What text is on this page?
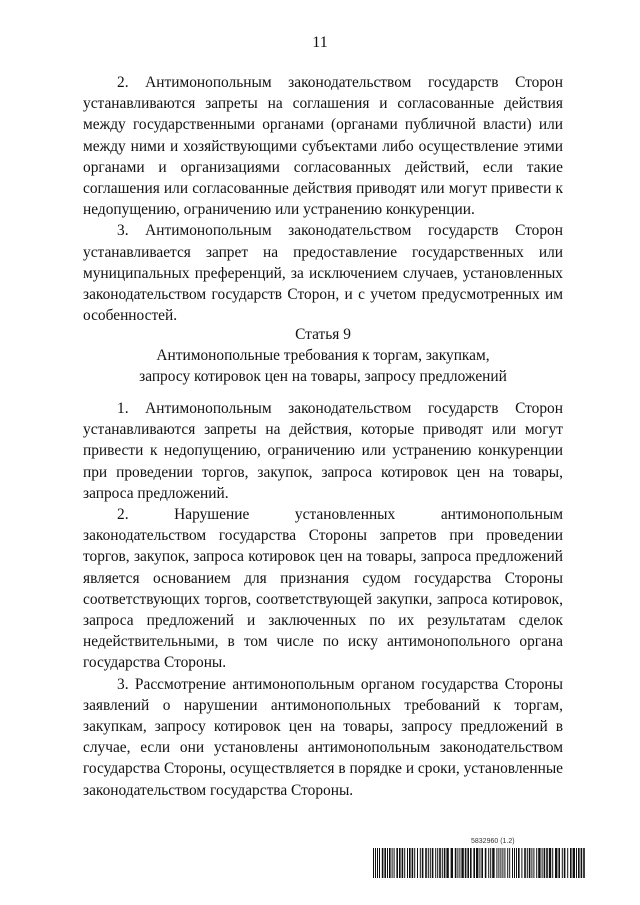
11

2. Антимонопольным законодательством государств Сторон устанавливаются запреты на соглашения и согласованные действия между государственными органами (органами публичной власти) или между ними и хозяйствующими субъектами либо осуществление этими органами и организациями согласованных действий, если такие соглашения или согласованные действия приводят или могут привести к недопущению, ограничению или устранению конкуренции.

3. Антимонопольным законодательством государств Сторон устанавливается запрет на предоставление государственных или муниципальных преференций, за исключением случаев, установленных законодательством государств Сторон, и с учетом предусмотренных им особенностей.

Статья 9
Антимонопольные требования к торгам, закупкам,
запросу котировок цен на товары, запросу предложений

1. Антимонопольным законодательством государств Сторон устанавливаются запреты на действия, которые приводят или могут привести к недопущению, ограничению или устранению конкуренции при проведении торгов, закупок, запроса котировок цен на товары, запроса предложений.

2. Нарушение установленных антимонопольным законодательством государства Стороны запретов при проведении торгов, закупок, запроса котировок цен на товары, запроса предложений является основанием для признания судом государства Стороны соответствующих торгов, соответствующей закупки, запроса котировок, запроса предложений и заключенных по их результатам сделок недействительными, в том числе по иску антимонопольного органа государства Стороны.

3. Рассмотрение антимонопольным органом государства Стороны заявлений о нарушении антимонопольных требований к торгам, закупкам, запросу котировок цен на товары, запросу предложений в случае, если они установлены антимонопольным законодательством государства Стороны, осуществляется в порядке и сроки, установленные законодательством государства Стороны.

5832960 (1.2)
